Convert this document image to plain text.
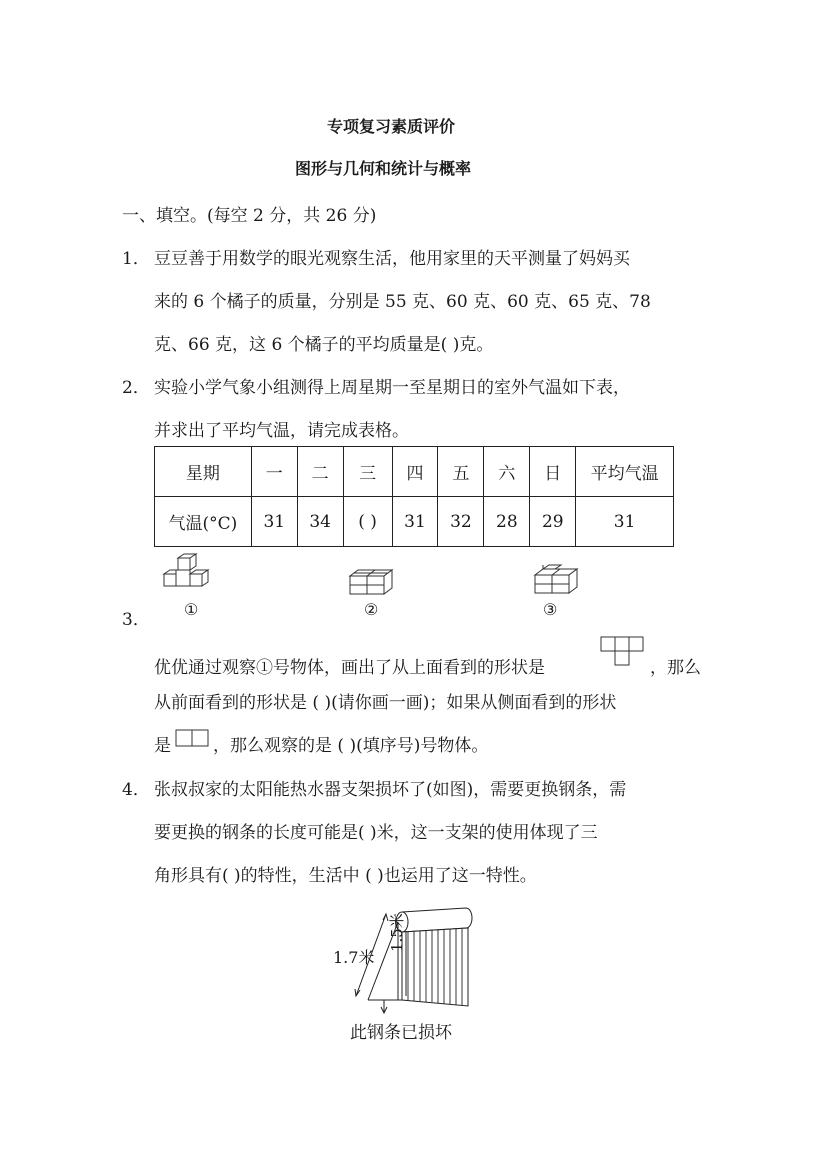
专项复习素质评价
图形与几何和统计与概率
一、填空。(每空 2 分，共 26 分)
1． 豆豆善于用数学的眼光观察生活，他用家里的天平测量了妈妈买
来的 6 个橘子的质量，分别是 55 克、60 克、60 克、65 克、78
克、66 克，这 6 个橘子的平均质量是( )克。
2． 实验小学气象小组测得上周星期一至星期日的室外气温如下表，
并求出了平均气温，请完成表格。
星期	一	二	三	四	五	六	日	平均气温
气温(°C)	31	34	( )	31	32	28	29	31
3．
①	②	③
优优通过观察①号物体，画出了从上面看到的形状是	，那么
从前面看到的形状是 ( )(请你画一画)；如果从侧面看到的形状
是 ，那么观察的是 ( )(填序号)号物体。
4． 张叔叔家的太阳能热水器支架损坏了(如图)，需要更换钢条，需
要更换的钢条的长度可能是( )米，这一支架的使用体现了三
角形具有( )的特性，生活中 ( )也运用了这一特性。
1.7米
1.5米
此钢条已损坏
